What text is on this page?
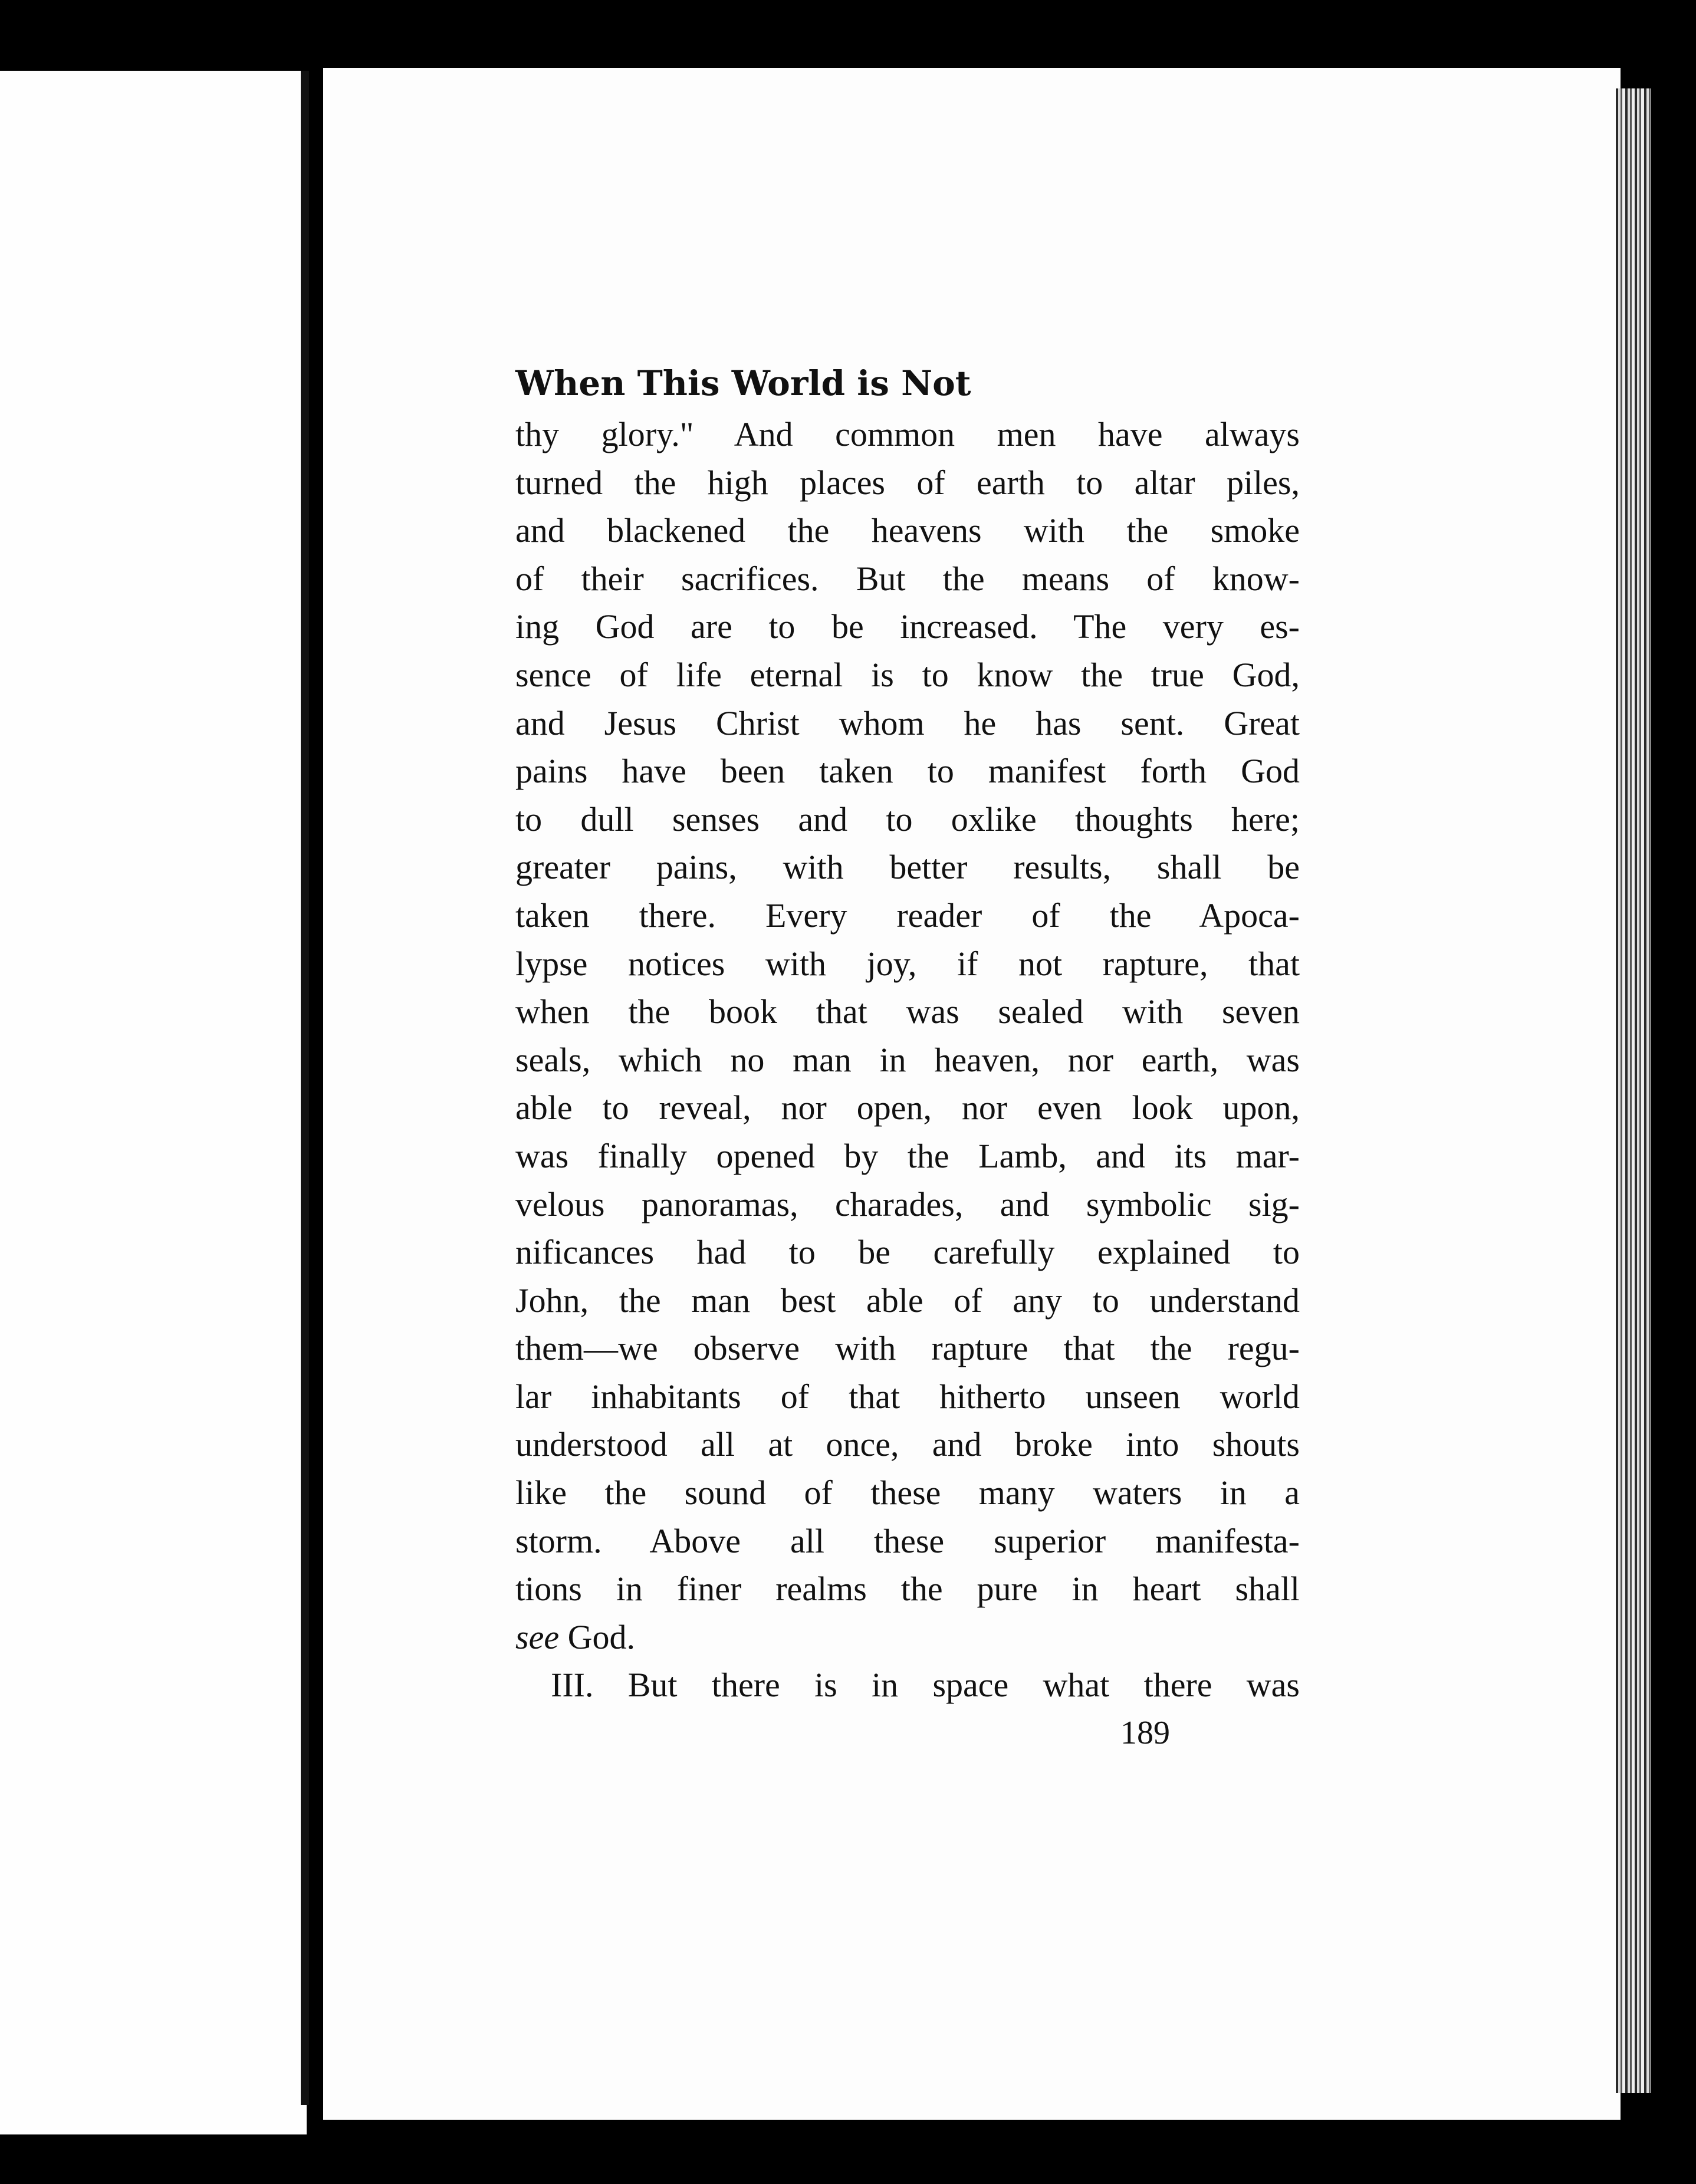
When This World is Not
thy glory." And common men have always
turned the high places of earth to altar piles,
and blackened the heavens with the smoke
of their sacrifices. But the means of know-
ing God are to be increased. The very es-
sence of life eternal is to know the true God,
and Jesus Christ whom he has sent. Great
pains have been taken to manifest forth God
to dull senses and to oxlike thoughts here;
greater pains, with better results, shall be
taken there. Every reader of the Apoca-
lypse notices with joy, if not rapture, that
when the book that was sealed with seven
seals, which no man in heaven, nor earth, was
able to reveal, nor open, nor even look upon,
was finally opened by the Lamb, and its mar-
velous panoramas, charades, and symbolic sig-
nificances had to be carefully explained to
John, the man best able of any to understand
them—we observe with rapture that the regu-
lar inhabitants of that hitherto unseen world
understood all at once, and broke into shouts
like the sound of these many waters in a
storm. Above all these superior manifesta-
tions in finer realms the pure in heart shall
see God.
III. But there is in space what there was
189
